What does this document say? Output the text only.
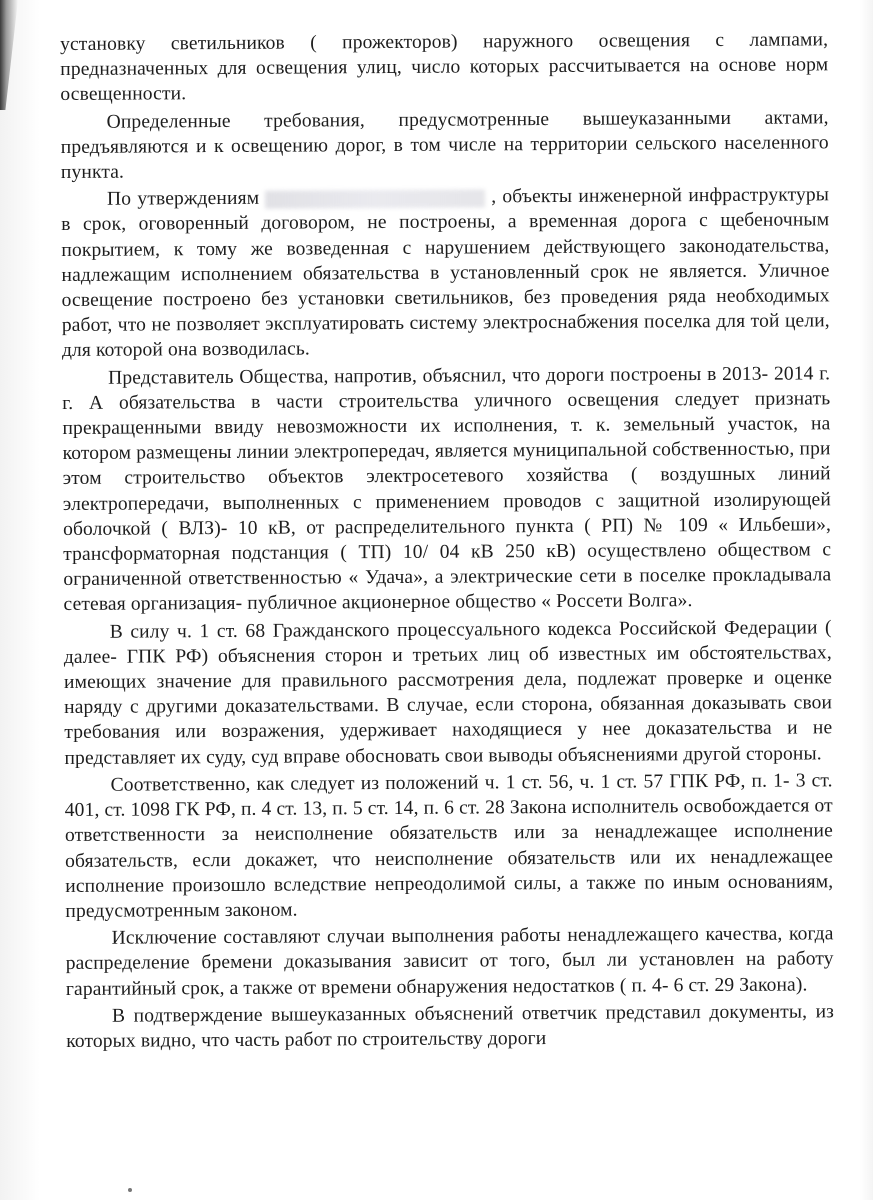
установку светильников ( прожекторов) наружного освещения с лампами, предназначенных для освещения улиц, число которых рассчитывается на основе норм освещенности.

Определенные требования, предусмотренные вышеуказанными актами, предъявляются и к освещению дорог, в том числе на территории сельского населенного пункта.

По утверждениям	, объекты инженерной инфраструктуры в срок, оговоренный договором, не построены, а временная дорога с щебеночным покрытием, к тому же возведенная с нарушением действующего законодательства, надлежащим исполнением обязательства в установленный срок не является. Уличное освещение построено без установки светильников, без проведения ряда необходимых работ, что не позволяет эксплуатировать систему электроснабжения поселка для той цели, для которой она возводилась.

Представитель Общества, напротив, объяснил, что дороги построены в 2013- 2014 г. г. А обязательства в части строительства уличного освещения следует признать прекращенными ввиду невозможности их исполнения, т. к. земельный участок, на котором размещены линии электропередач, является муниципальной собственностью, при этом строительство объектов электросетевого хозяйства ( воздушных линий электропередачи, выполненных с применением проводов с защитной изолирующей оболочкой ( ВЛЗ)- 10 кВ, от распределительного пункта ( РП) № 109 « Ильбеши», трансформаторная подстанция ( ТП) 10/ 04 кВ 250 кВ) осуществлено обществом с ограниченной ответственностью « Удача», а электрические сети в поселке прокладывала сетевая организация- публичное акционерное общество « Россети Волга».

В силу ч. 1 ст. 68 Гражданского процессуального кодекса Российской Федерации ( далее- ГПК РФ) объяснения сторон и третьих лиц об известных им обстоятельствах, имеющих значение для правильного рассмотрения дела, подлежат проверке и оценке наряду с другими доказательствами. В случае, если сторона, обязанная доказывать свои требования или возражения, удерживает находящиеся у нее доказательства и не представляет их суду, суд вправе обосновать свои выводы объяснениями другой стороны.

Соответственно, как следует из положений ч. 1 ст. 56, ч. 1 ст. 57 ГПК РФ, п. 1- 3 ст. 401, ст. 1098 ГК РФ, п. 4 ст. 13, п. 5 ст. 14, п. 6 ст. 28 Закона исполнитель освобождается от ответственности за неисполнение обязательств или за ненадлежащее исполнение обязательств, если докажет, что неисполнение обязательств или их ненадлежащее исполнение произошло вследствие непреодолимой силы, а также по иным основаниям, предусмотренным законом.

Исключение составляют случаи выполнения работы ненадлежащего качества, когда распределение бремени доказывания зависит от того, был ли установлен на работу гарантийный срок, а также от времени обнаружения недостатков ( п. 4- 6 ст. 29 Закона).

В подтверждение вышеуказанных объяснений ответчик представил документы, из которых видно, что часть работ по строительству дороги
